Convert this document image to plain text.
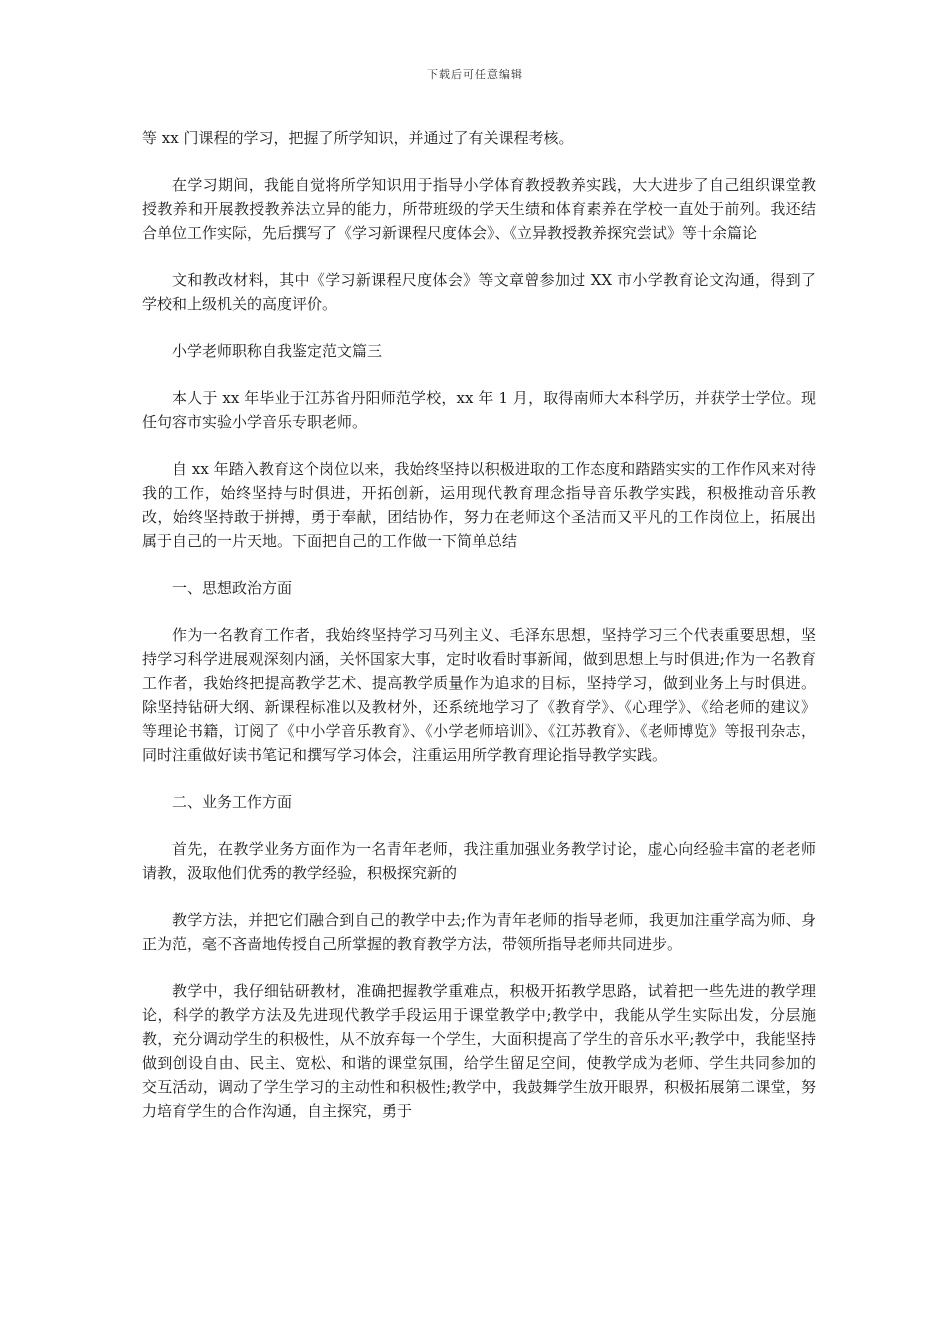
下载后可任意编辑

等 xx 门课程的学习，把握了所学知识，并通过了有关课程考核。

在学习期间，我能自觉将所学知识用于指导小学体育教授教养实践，大大进步了自己组织课堂教授教养和开展教授教养法立异的能力，所带班级的学天生绩和体育素养在学校一直处于前列。我还结合单位工作实际，先后撰写了《学习新课程尺度体会》、《立异教授教养探究尝试》等十余篇论

文和教改材料，其中《学习新课程尺度体会》等文章曾参加过 XX 市小学教育论文沟通，得到了学校和上级机关的高度评价。

小学老师职称自我鉴定范文篇三

本人于 xx 年毕业于江苏省丹阳师范学校，xx 年 1 月，取得南师大本科学历，并获学士学位。现任句容市实验小学音乐专职老师。

自 xx 年踏入教育这个岗位以来，我始终坚持以积极进取的工作态度和踏踏实实的工作作风来对待我的工作，始终坚持与时俱进，开拓创新，运用现代教育理念指导音乐教学实践，积极推动音乐教改，始终坚持敢于拼搏，勇于奉献，团结协作，努力在老师这个圣洁而又平凡的工作岗位上，拓展出属于自己的一片天地。下面把自己的工作做一下简单总结

一、思想政治方面

作为一名教育工作者，我始终坚持学习马列主义、毛泽东思想，坚持学习三个代表重要思想，坚持学习科学进展观深刻内涵，关怀国家大事，定时收看时事新闻，做到思想上与时俱进;作为一名教育工作者，我始终把提高教学艺术、提高教学质量作为追求的目标，坚持学习，做到业务上与时俱进。除坚持钻研大纲、新课程标准以及教材外，还系统地学习了《教育学》、《心理学》、《给老师的建议》等理论书籍，订阅了《中小学音乐教育》、《小学老师培训》、《江苏教育》、《老师博览》等报刊杂志，同时注重做好读书笔记和撰写学习体会，注重运用所学教育理论指导教学实践。

二、业务工作方面

首先，在教学业务方面作为一名青年老师，我注重加强业务教学讨论，虚心向经验丰富的老老师请教，汲取他们优秀的教学经验，积极探究新的

教学方法，并把它们融合到自己的教学中去;作为青年老师的指导老师，我更加注重学高为师、身正为范，毫不吝啬地传授自己所掌握的教育教学方法，带领所指导老师共同进步。

教学中，我仔细钻研教材，准确把握教学重难点，积极开拓教学思路，试着把一些先进的教学理论，科学的教学方法及先进现代教学手段运用于课堂教学中;教学中，我能从学生实际出发，分层施教，充分调动学生的积极性，从不放弃每一个学生，大面积提高了学生的音乐水平;教学中，我能坚持做到创设自由、民主、宽松、和谐的课堂氛围，给学生留足空间，使教学成为老师、学生共同参加的交互活动，调动了学生学习的主动性和积极性;教学中，我鼓舞学生放开眼界，积极拓展第二课堂，努力培育学生的合作沟通，自主探究，勇于
